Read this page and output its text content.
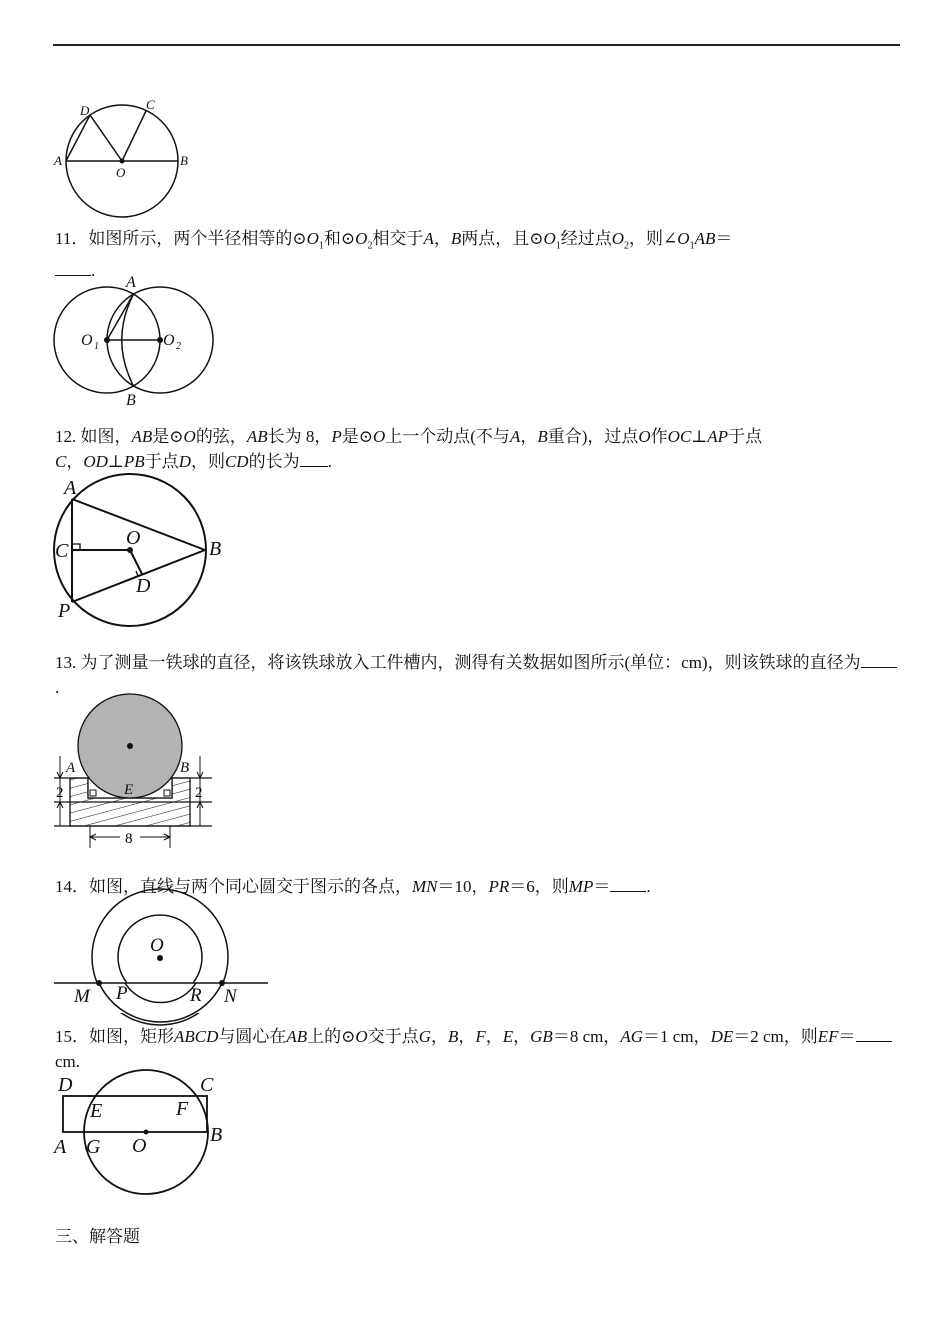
D	C
A
O
B
11．如图所示，两个半径相等的$⊙O_1$和$⊙O_2$相交于A，B两点，且$⊙O_1$经过点$O_2$，则$\angle O_1AB=$
.
A
O 1	O 2
B
12. 如图，AB是⊙O的弦，AB长为 8，P是⊙O上一个动点(不与A，B重合)，过点O作OC⊥AP于点
C，OD⊥PB于点D，则CD的长为 .
A
C
O	B
D
P
13. 为了测量一铁球的直径，将该铁球放入工件槽内，测得有关数据如图所示(单位：cm)，则该铁球的直径为.
A	B
E
2	2
8
14．如图，直线与两个同心圆交于图示的各点，MN＝10，PR＝6，则MP＝ .
O
M P	R N
15．如图，矩形ABCD与圆心在AB上的⊙O交于点G，B，F，E，GB＝8 cm，AG＝1 cm，DE＝2 cm，则EF＝cm.
D	C
E	F
A G O	B
三、解答题
